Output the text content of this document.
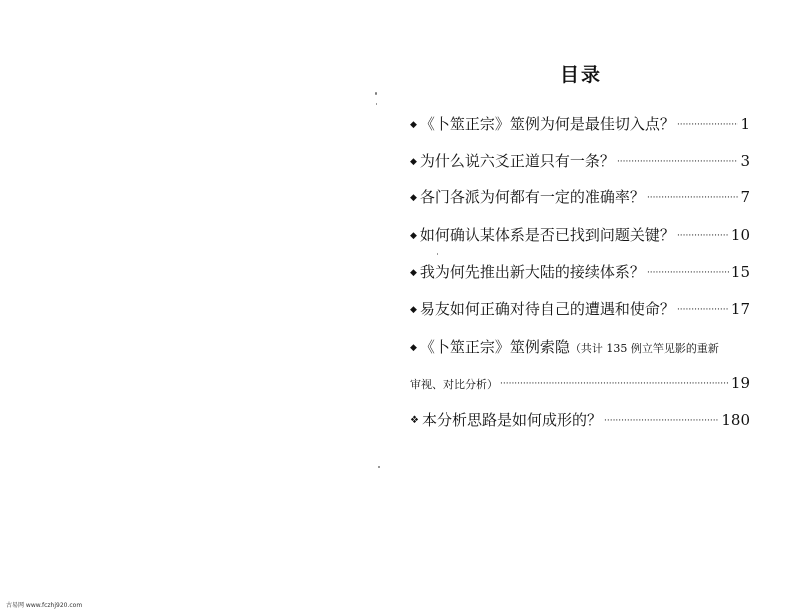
目录
◆ 《卜筮正宗》筮例为何是最佳切入点？ ·····	1
◆ 为什么说六爻正道只有一条？ ·····	3
◆ 各门各派为何都有一定的准确率？ ·····	7
◆ 如何确认某体系是否已找到问题关键？ ·····	10
◆ 我为何先推出新大陆的接续体系？ ·····	15
◆ 易友如何正确对待自己的遭遇和使命？ ·····	17
◆ 《卜筮正宗》筮例索隐 （共计 135 例立竿见影的重新
审视、对比分析） ·····	19
❖ 本分析思路是如何成形的？ ·····	180
古易网 www.fczhj920.com
